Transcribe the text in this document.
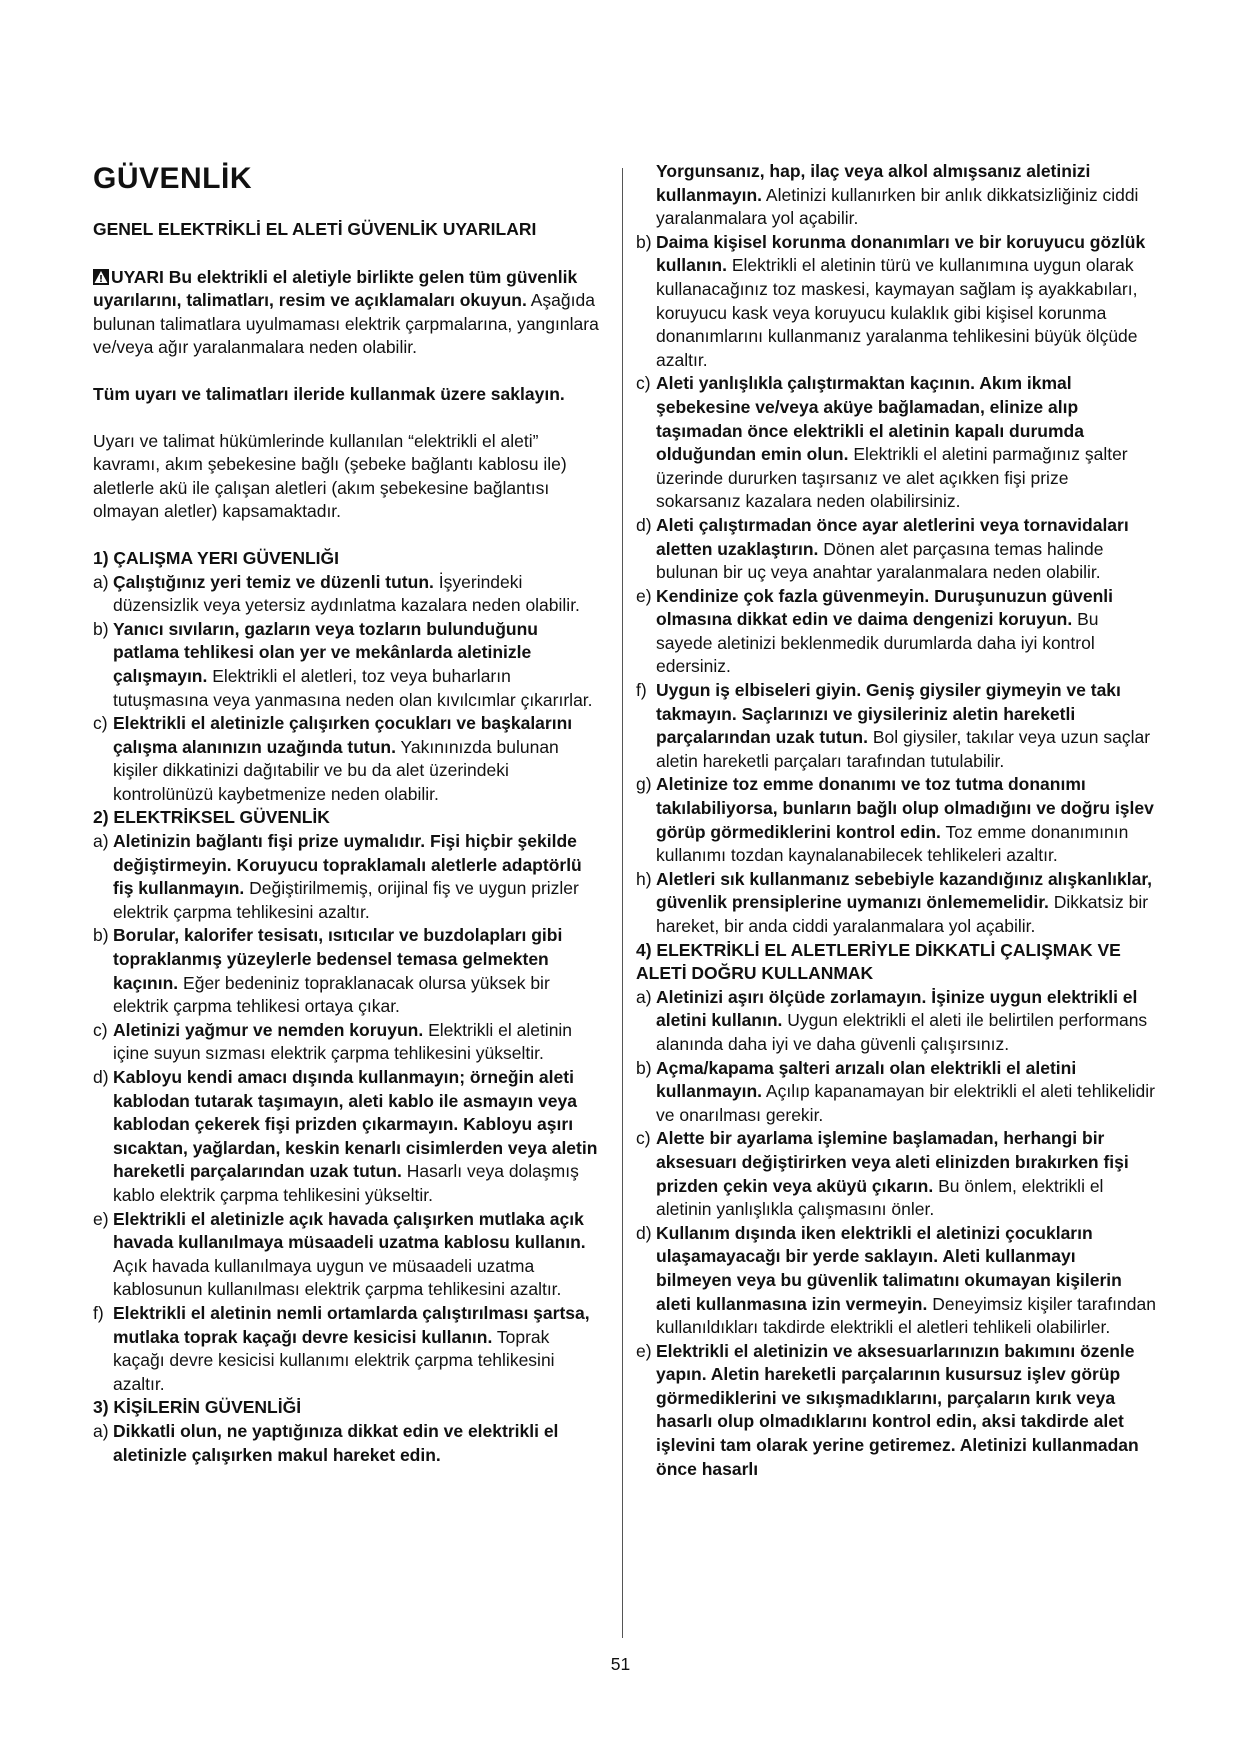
GÜVENLİK
GENEL ELEKTRİKLİ EL ALETİ GÜVENLİK UYARILARI
UYARI Bu elektrikli el aletiyle birlikte gelen tüm güvenlik uyarılarını, talimatları, resim ve açıklamaları okuyun. Aşağıda bulunan talimatlara uyulmaması elektrik çarpmalarına, yangınlara ve/veya ağır yaralanmalara neden olabilir.
Tüm uyarı ve talimatları ileride kullanmak üzere saklayın.
Uyarı ve talimat hükümlerinde kullanılan “elektrikli el aleti” kavramı, akım şebekesine bağlı (şebeke bağlantı kablosu ile) aletlerle akü ile çalışan aletleri (akım şebekesine bağlantısı olmayan aletler) kapsamaktadır.
1) ÇALIŞMA YERI GÜVENLIĞI
a) Çalıştığınız yeri temiz ve düzenli tutun. İşyerindeki düzensizlik veya yetersiz aydınlatma kazalara neden olabilir.
b) Yanıcı sıvıların, gazların veya tozların bulunduğunu patlama tehlikesi olan yer ve mekânlarda aletinizle çalışmayın. Elektrikli el aletleri, toz veya buharların tutuşmasına veya yanmasına neden olan kıvılcımlar çıkarırlar.
c) Elektrikli el aletinizle çalışırken çocukları ve başkalarını çalışma alanınızın uzağında tutun. Yakınınızda bulunan kişiler dikkatinizi dağıtabilir ve bu da alet üzerindeki kontrolünüzü kaybetmenize neden olabilir.
2) ELEKTRİKSEL GÜVENLİK
a) Aletinizin bağlantı fişi prize uymalıdır. Fişi hiçbir şekilde değiştirmeyin. Koruyucu topraklamalı aletlerle adaptörlü fiş kullanmayın. Değiştirilmemiş, orijinal fiş ve uygun prizler elektrik çarpma tehlikesini azaltır.
b) Borular, kalorifer tesisatı, ısıtıcılar ve buzdolapları gibi topraklanmış yüzeylerle bedensel temasa gelmekten kaçının. Eğer bedeniniz topraklanacak olursa yüksek bir elektrik çarpma tehlikesi ortaya çıkar.
c) Aletinizi yağmur ve nemden koruyun. Elektrikli el aletinin içine suyun sızması elektrik çarpma tehlikesini yükseltir.
d) Kabloyu kendi amacı dışında kullanmayın; örneğin aleti kablodan tutarak taşımayın, aleti kablo ile asmayın veya kablodan çekerek fişi prizden çıkarmayın. Kabloyu aşırı sıcaktan, yağlardan, keskin kenarlı cisimlerden veya aletin hareketli parçalarından uzak tutun. Hasarlı veya dolaşmış kablo elektrik çarpma tehlikesini yükseltir.
e) Elektrikli el aletinizle açık havada çalışırken mutlaka açık havada kullanılmaya müsaadeli uzatma kablosu kullanın. Açık havada kullanılmaya uygun ve müsaadeli uzatma kablosunun kullanılması elektrik çarpma tehlikesini azaltır.
f) Elektrikli el aletinin nemli ortamlarda çalıştırılması şartsa, mutlaka toprak kaçağı devre kesicisi kullanın. Toprak kaçağı devre kesicisi kullanımı elektrik çarpma tehlikesini azaltır.
3) KİŞİLERİN GÜVENLİĞİ
a) Dikkatli olun, ne yaptığınıza dikkat edin ve elektrikli el aletinizle çalışırken makul hareket edin.
Yorgunsanız, hap, ilaç veya alkol almışsanız aletinizi kullanmayın. Aletinizi kullanırken bir anlık dikkatsizliğiniz ciddi yaralanmalara yol açabilir.
b) Daima kişisel korunma donanımları ve bir koruyucu gözlük kullanın. Elektrikli el aletinin türü ve kullanımına uygun olarak kullanacağınız toz maskesi, kaymayan sağlam iş ayakkabıları, koruyucu kask veya koruyucu kulaklık gibi kişisel korunma donanımlarını kullanmanız yaralanma tehlikesini büyük ölçüde azaltır.
c) Aleti yanlışlıkla çalıştırmaktan kaçının. Akım ikmal şebekesine ve/veya aküye bağlamadan, elinize alıp taşımadan önce elektrikli el aletinin kapalı durumda olduğundan emin olun. Elektrikli el aletini parmağınız şalter üzerinde dururken taşırsanız ve alet açıkken fişi prize sokarsanız kazalara neden olabilirsiniz.
d) Aleti çalıştırmadan önce ayar aletlerini veya tornavidaları aletten uzaklaştırın. Dönen alet parçasına temas halinde bulunan bir uç veya anahtar yaralanmalara neden olabilir.
e) Kendinize çok fazla güvenmeyin. Duruşunuzun güvenli olmasına dikkat edin ve daima dengenizi koruyun. Bu sayede aletinizi beklenmedik durumlarda daha iyi kontrol edersiniz.
f) Uygun iş elbiseleri giyin. Geniş giysiler giymeyin ve takı takmayın. Saçlarınızı ve giysileriniz aletin hareketli parçalarından uzak tutun. Bol giysiler, takılar veya uzun saçlar aletin hareketli parçaları tarafından tutulabilir.
g) Aletinize toz emme donanımı ve toz tutma donanımı takılabiliyorsa, bunların bağlı olup olmadığını ve doğru işlev görüp görmediklerini kontrol edin. Toz emme donanımının kullanımı tozdan kaynalanabilecek tehlikeleri azaltır.
h) Aletleri sık kullanmanız sebebiyle kazandığınız alışkanlıklar, güvenlik prensiplerine uymanızı önlememelidir. Dikkatsiz bir hareket, bir anda ciddi yaralanmalara yol açabilir.
4) ELEKTRİKLİ EL ALETLERİYLE DİKKATLİ ÇALIŞMAK VE ALETİ DOĞRU KULLANMAK
a) Aletinizi aşırı ölçüde zorlamayın. İşinize uygun elektrikli el aletini kullanın. Uygun elektrikli el aleti ile belirtilen performans alanında daha iyi ve daha güvenli çalışırsınız.
b) Açma/kapama şalteri arızalı olan elektrikli el aletini kullanmayın. Açılıp kapanamayan bir elektrikli el aleti tehlikelidir ve onarılması gerekir.
c) Alette bir ayarlama işlemine başlamadan, herhangi bir aksesuarı değiştirirken veya aleti elinizden bırakırken fişi prizden çekin veya aküyü çıkarın. Bu önlem, elektrikli el aletinin yanlışlıkla çalışmasını önler.
d) Kullanım dışında iken elektrikli el aletinizi çocukların ulaşamayacağı bir yerde saklayın. Aleti kullanmayı bilmeyen veya bu güvenlik talimatını okumayan kişilerin aleti kullanmasına izin vermeyin. Deneyimsiz kişiler tarafından kullanıldıkları takdirde elektrikli el aletleri tehlikeli olabilirler.
e) Elektrikli el aletinizin ve aksesuarlarınızın bakımını özenle yapın. Aletin hareketli parçalarının kusursuz işlev görüp görmediklerini ve sıkışmadıklarını, parçaların kırık veya hasarlı olup olmadıklarını kontrol edin, aksi takdirde alet işlevini tam olarak yerine getiremez. Aletinizi kullanmadan önce hasarlı
51
